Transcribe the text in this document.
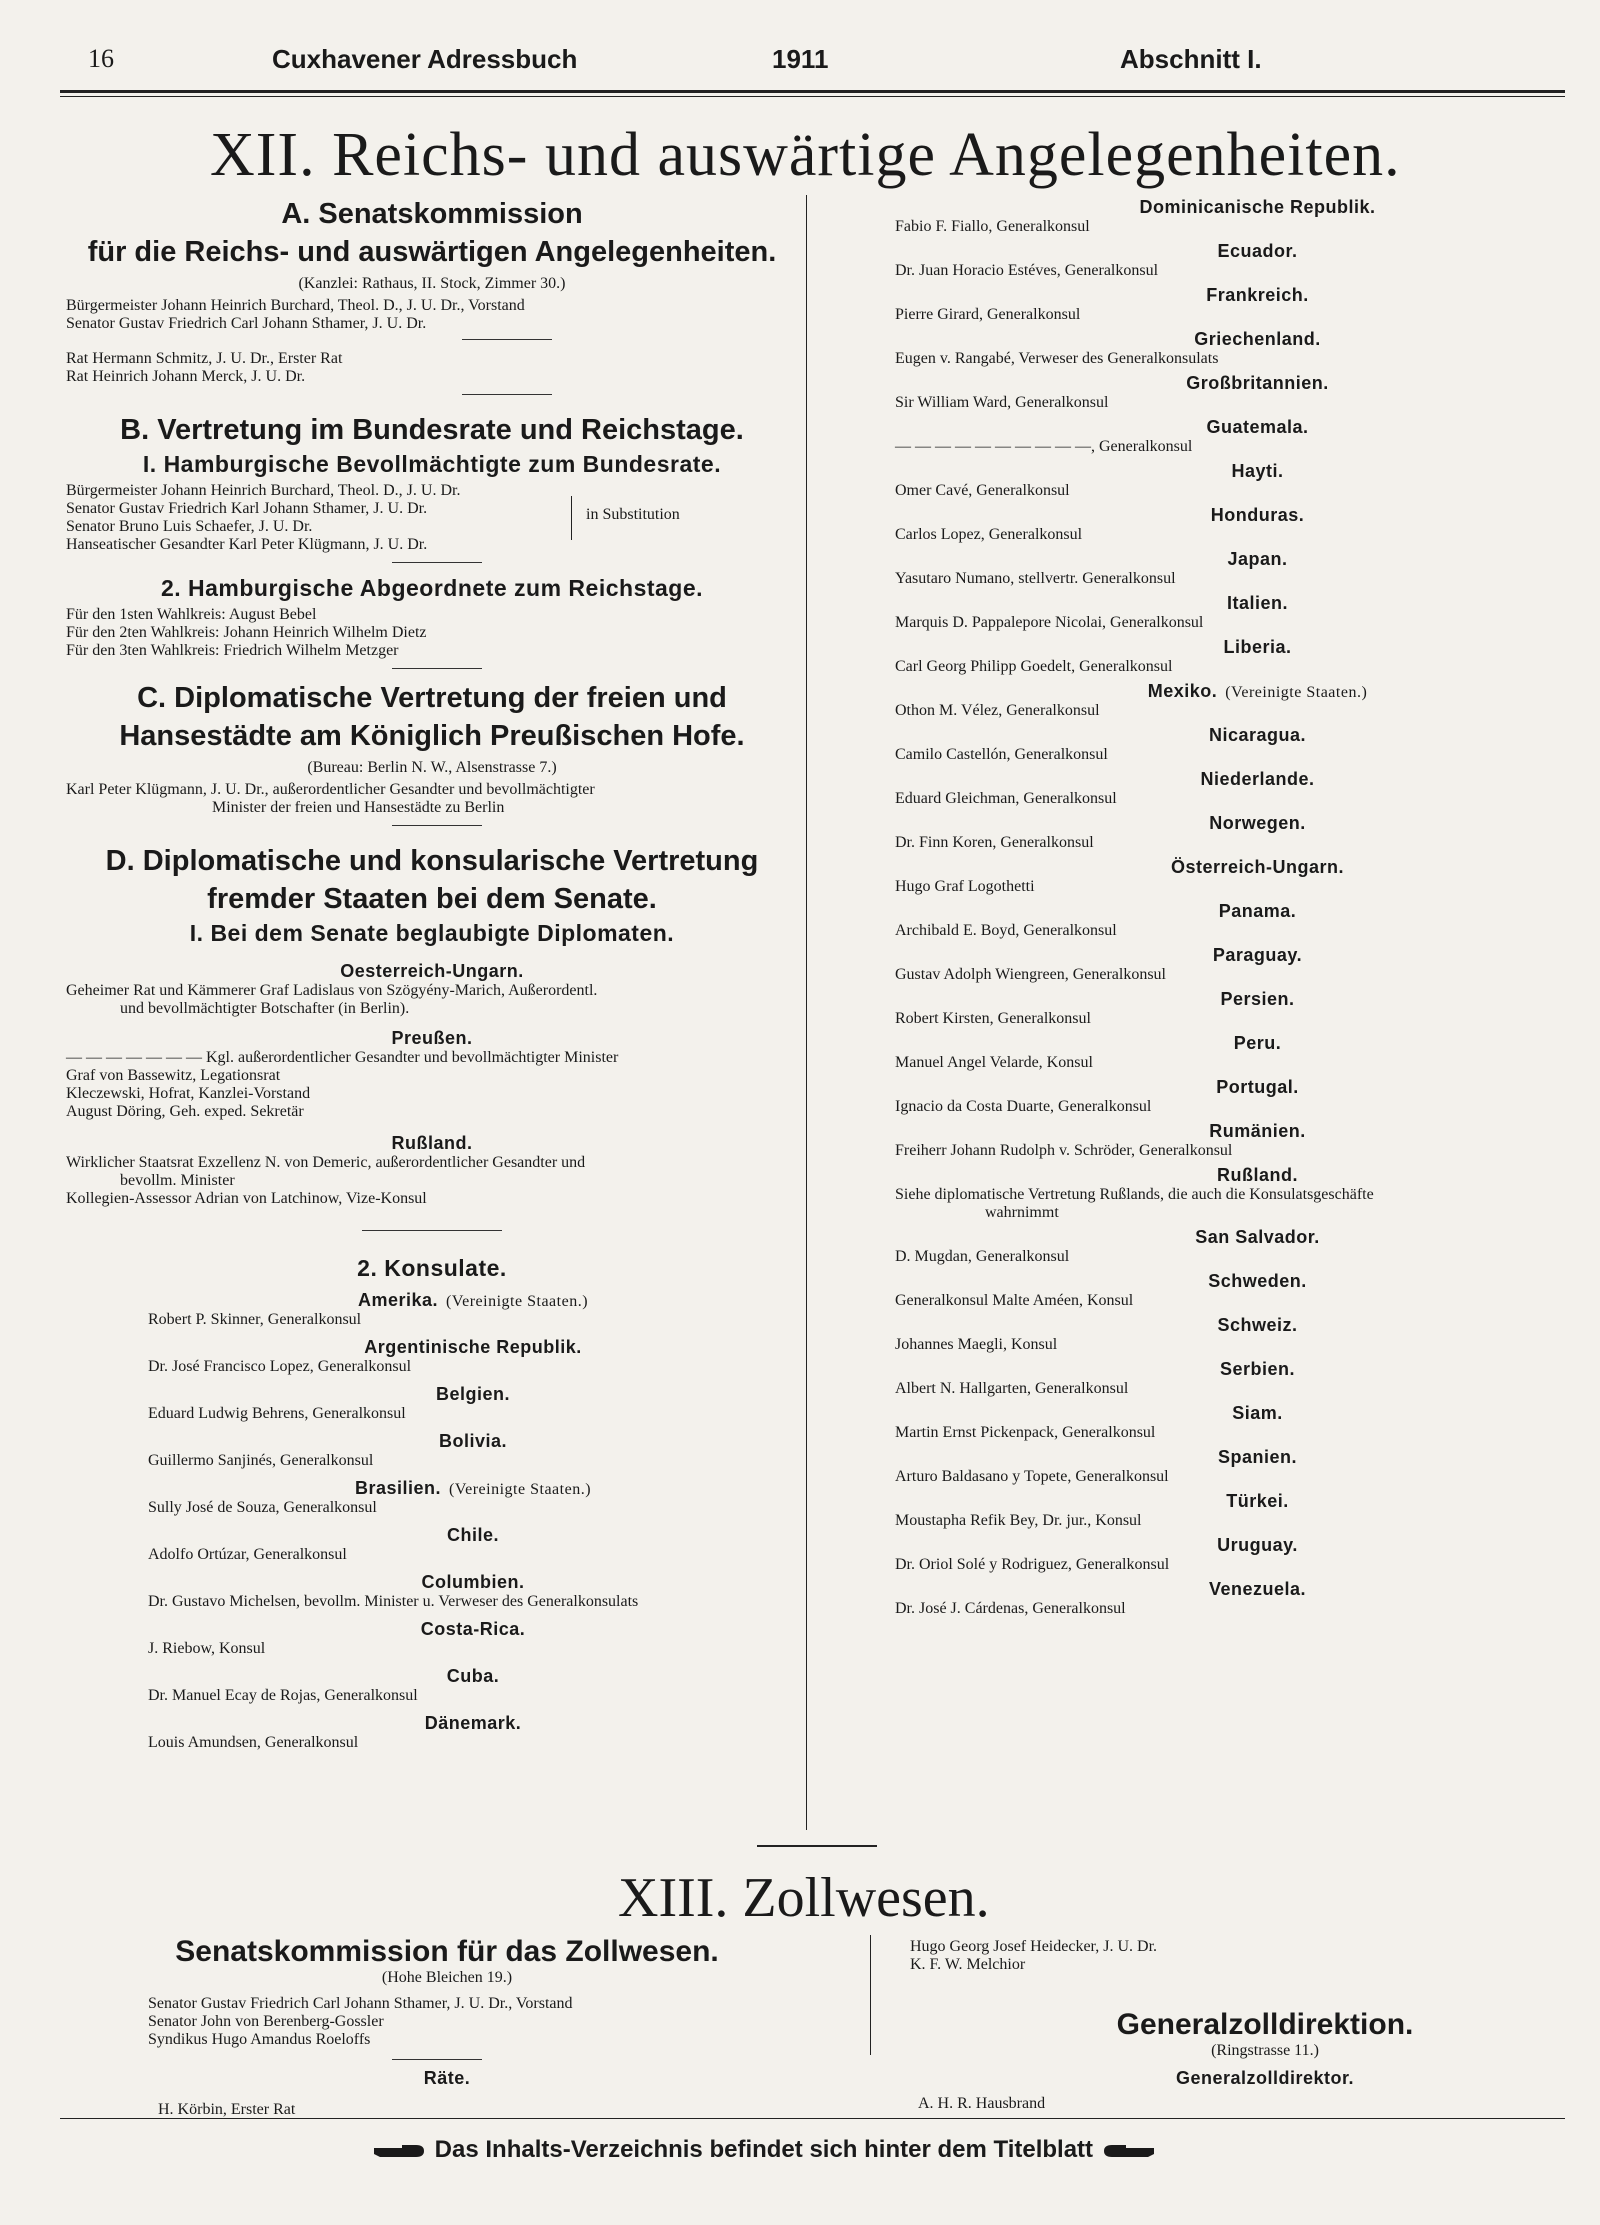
16	Cuxhavener Adressbuch	1911	Abschnitt I.
XII. Reichs- und auswärtige Angelegenheiten.
A. Senatskommission
für die Reichs- und auswärtigen Angelegenheiten.
(Kanzlei: Rathaus, II. Stock, Zimmer 30.)
Bürgermeister Johann Heinrich Burchard, Theol. D., J. U. Dr., Vorstand
Senator Gustav Friedrich Carl Johann Sthamer, J. U. Dr.
Rat Hermann Schmitz, J. U. Dr., Erster Rat
Rat Heinrich Johann Merck, J. U. Dr.
B. Vertretung im Bundesrate und Reichstage.
I. Hamburgische Bevollmächtigte zum Bundesrate.
Bürgermeister Johann Heinrich Burchard, Theol. D., J. U. Dr.
Senator Gustav Friedrich Karl Johann Sthamer, J. U. Dr.
Senator Bruno Luis Schaefer, J. U. Dr.
Hanseatischer Gesandter Karl Peter Klügmann, J. U. Dr.
in Substitution
2. Hamburgische Abgeordnete zum Reichstage.
Für den 1sten Wahlkreis: August Bebel
Für den 2ten Wahlkreis: Johann Heinrich Wilhelm Dietz
Für den 3ten Wahlkreis: Friedrich Wilhelm Metzger
C. Diplomatische Vertretung der freien und
Hansestädte am Königlich Preußischen Hofe.
(Bureau: Berlin N. W., Alsenstrasse 7.)
Karl Peter Klügmann, J. U. Dr., außerordentlicher Gesandter und bevollmächtigter
Minister der freien und Hansestädte zu Berlin
D. Diplomatische und konsularische Vertretung
fremder Staaten bei dem Senate.
I. Bei dem Senate beglaubigte Diplomaten.
Oesterreich-Ungarn.
Geheimer Rat und Kämmerer Graf Ladislaus von Szögyény-Marich, Außerordentl.
und bevollmächtigter Botschafter (in Berlin).
Preußen.
— — — — — — — Kgl. außerordentlicher Gesandter und bevollmächtigter Minister
Graf von Bassewitz, Legationsrat
Kleczewski, Hofrat, Kanzlei-Vorstand
August Döring, Geh. exped. Sekretär
Rußland.
Wirklicher Staatsrat Exzellenz N. von Demeric, außerordentlicher Gesandter und
bevollm. Minister
Kollegien-Assessor Adrian von Latchinow, Vize-Konsul
2. Konsulate.
Amerika. (Vereinigte Staaten.)
Robert P. Skinner, Generalkonsul
Argentinische Republik.
Dr. José Francisco Lopez, Generalkonsul
Belgien.
Eduard Ludwig Behrens, Generalkonsul
Bolivia.
Guillermo Sanjinés, Generalkonsul
Brasilien. (Vereinigte Staaten.)
Sully José de Souza, Generalkonsul
Chile.
Adolfo Ortúzar, Generalkonsul
Columbien.
Dr. Gustavo Michelsen, bevollm. Minister u. Verweser des Generalkonsulats
Costa-Rica.
J. Riebow, Konsul
Cuba.
Dr. Manuel Ecay de Rojas, Generalkonsul
Dänemark.
Louis Amundsen, Generalkonsul
Dominicanische Republik.
Fabio F. Fiallo, Generalkonsul
Ecuador.
Dr. Juan Horacio Estéves, Generalkonsul
Frankreich.
Pierre Girard, Generalkonsul
Griechenland.
Eugen v. Rangabé, Verweser des Generalkonsulats
Großbritannien.
Sir William Ward, Generalkonsul
Guatemala.
— — — — — — — — — —, Generalkonsul
Hayti.
Omer Cavé, Generalkonsul
Honduras.
Carlos Lopez, Generalkonsul
Japan.
Yasutaro Numano, stellvertr. Generalkonsul
Italien.
Marquis D. Pappalepore Nicolai, Generalkonsul
Liberia.
Carl Georg Philipp Goedelt, Generalkonsul
Mexiko. (Vereinigte Staaten.)
Othon M. Vélez, Generalkonsul
Nicaragua.
Camilo Castellón, Generalkonsul
Niederlande.
Eduard Gleichman, Generalkonsul
Norwegen.
Dr. Finn Koren, Generalkonsul
Österreich-Ungarn.
Hugo Graf Logothetti
Panama.
Archibald E. Boyd, Generalkonsul
Paraguay.
Gustav Adolph Wiengreen, Generalkonsul
Persien.
Robert Kirsten, Generalkonsul
Peru.
Manuel Angel Velarde, Konsul
Portugal.
Ignacio da Costa Duarte, Generalkonsul
Rumänien.
Freiherr Johann Rudolph v. Schröder, Generalkonsul
Rußland.
Siehe diplomatische Vertretung Rußlands, die auch die Konsulatsgeschäfte
wahrnimmt
San Salvador.
D. Mugdan, Generalkonsul
Schweden.
Generalkonsul Malte Améen, Konsul
Schweiz.
Johannes Maegli, Konsul
Serbien.
Albert N. Hallgarten, Generalkonsul
Siam.
Martin Ernst Pickenpack, Generalkonsul
Spanien.
Arturo Baldasano y Topete, Generalkonsul
Türkei.
Moustapha Refik Bey, Dr. jur., Konsul
Uruguay.
Dr. Oriol Solé y Rodriguez, Generalkonsul
Venezuela.
Dr. José J. Cárdenas, Generalkonsul
XIII. Zollwesen.
Senatskommission für das Zollwesen.
(Hohe Bleichen 19.)
Senator Gustav Friedrich Carl Johann Sthamer, J. U. Dr., Vorstand
Senator John von Berenberg-Gossler
Syndikus Hugo Amandus Roeloffs
Räte.
H. Körbin, Erster Rat
Hugo Georg Josef Heidecker, J. U. Dr.
K. F. W. Melchior
Generalzolldirektion.
(Ringstrasse 11.)
Generalzolldirektor.
A. H. R. Hausbrand
Das Inhalts-Verzeichnis befindet sich hinter dem Titelblatt
